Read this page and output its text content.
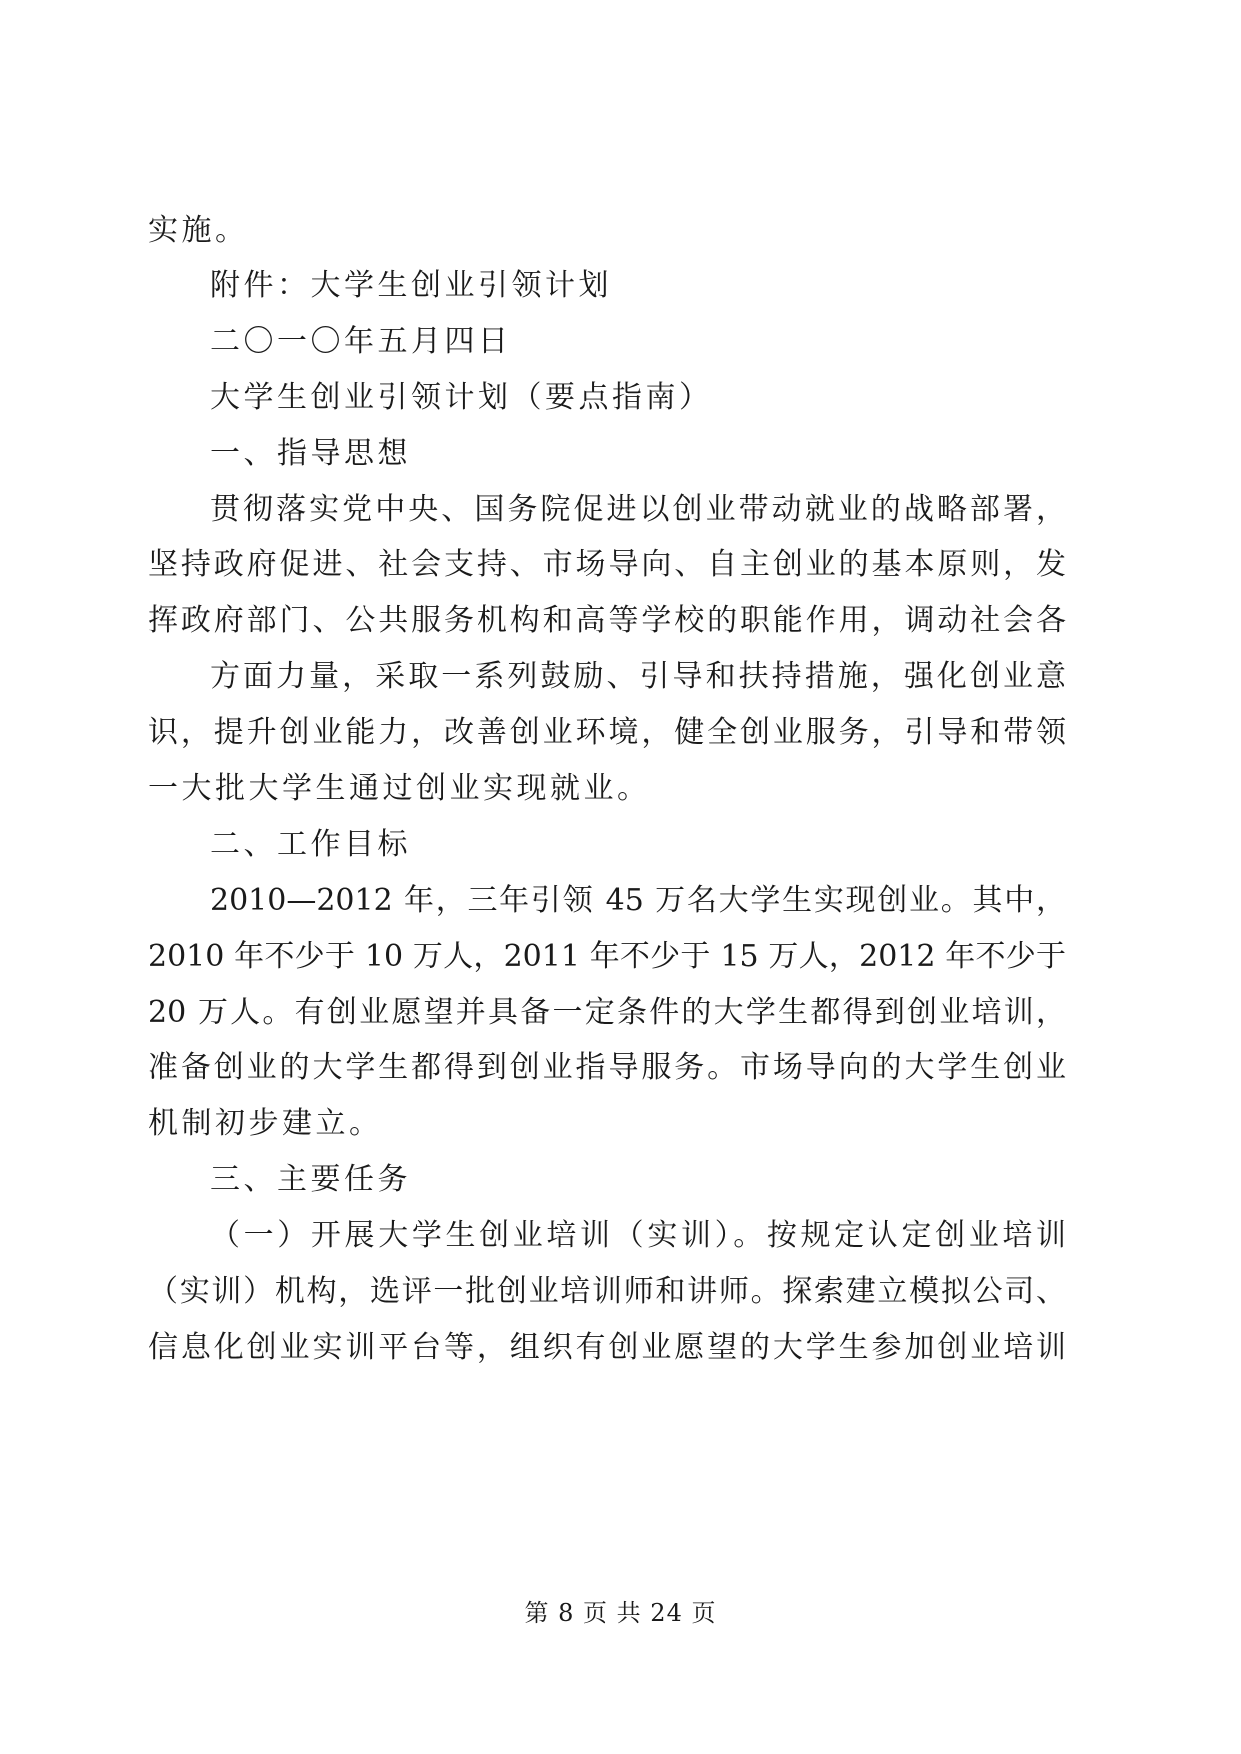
实施。
附件：大学生创业引领计划
二〇一〇年五月四日
大学生创业引领计划（要点指南）
一、指导思想
贯彻落实党中央、国务院促进以创业带动就业的战略部署，
坚持政府促进、社会支持、市场导向、自主创业的基本原则，发
挥政府部门、公共服务机构和高等学校的职能作用，调动社会各
方面力量，采取一系列鼓励、引导和扶持措施，强化创业意
识，提升创业能力，改善创业环境，健全创业服务，引导和带领
一大批大学生通过创业实现就业。
二、工作目标
2010—2012 年，三年引领 45 万名大学生实现创业。其中，
2010 年不少于 10 万人，2011 年不少于 15 万人，2012 年不少于
20 万人。有创业愿望并具备一定条件的大学生都得到创业培训，
准备创业的大学生都得到创业指导服务。市场导向的大学生创业
机制初步建立。
三、主要任务
（一）开展大学生创业培训（实训）。按规定认定创业培训
（实训）机构，选评一批创业培训师和讲师。探索建立模拟公司、
信息化创业实训平台等，组织有创业愿望的大学生参加创业培训
第 8 页 共 24 页
